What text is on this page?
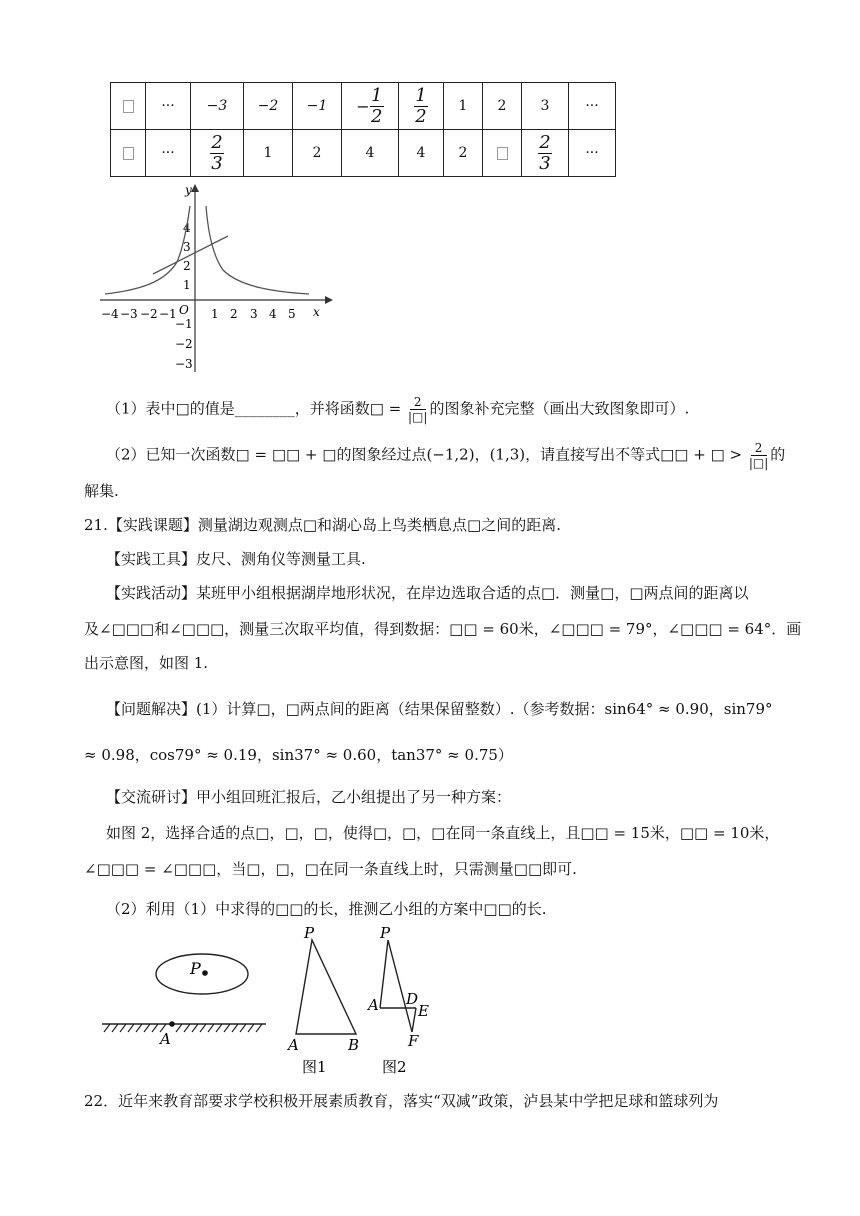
	···	−3	−2	−1	− $\frac{1}{2}$	$\frac{1}{2}$	1	2	3	···
	···	$\frac{2}{3}$	1	2	4	4	2		$\frac{2}{3}$	···
y
x
O
−4 −3 −2 −1	1 2 3 4 5
4
3
2
1
−1
−2
−3
（1）表中□的值是________，并将函数□ = 2
|□| 的图象补充完整（画出大致图象即可）.
（2）已知一次函数□ = □□ + □的图象经过点(−1,2)，(1,3)，请直接写出不等式□□ + □ > 2
|□| 的
解集.
21.【实践课题】测量湖边观测点□和湖心岛上鸟类栖息点□之间的距离.
【实践工具】皮尺、测角仪等测量工具.
【实践活动】某班甲小组根据湖岸地形状况，在岸边选取合适的点□．测量□，□两点间的距离以
及∠□□□和∠□□□，测量三次取平均值，得到数据：□□ = 60米，∠□□□ = 79°，∠□□□ = 64°．画
出示意图，如图 1.
【问题解决】(1）计算□，□两点间的距离（结果保留整数）.（参考数据：sin64° ≈ 0.90，sin79°
≈ 0.98，cos79° ≈ 0.19，sin37° ≈ 0.60，tan37° ≈ 0.75）
【交流研讨】甲小组回班汇报后，乙小组提出了另一种方案：
如图 2，选择合适的点□，□，□，使得□，□，□在同一条直线上，且□□ = 15米，□□ = 10米，
∠□□□ = ∠□□□，当□，□，□在同一条直线上时，只需测量□□即可.
（2）利用（1）中求得的□□的长，推测乙小组的方案中□□的长.
P
A
P
A	B
图1
P
A D
E
F
图2
22．近年来教育部要求学校积极开展素质教育，落实“双减”政策，泸县某中学把足球和篮球列为
